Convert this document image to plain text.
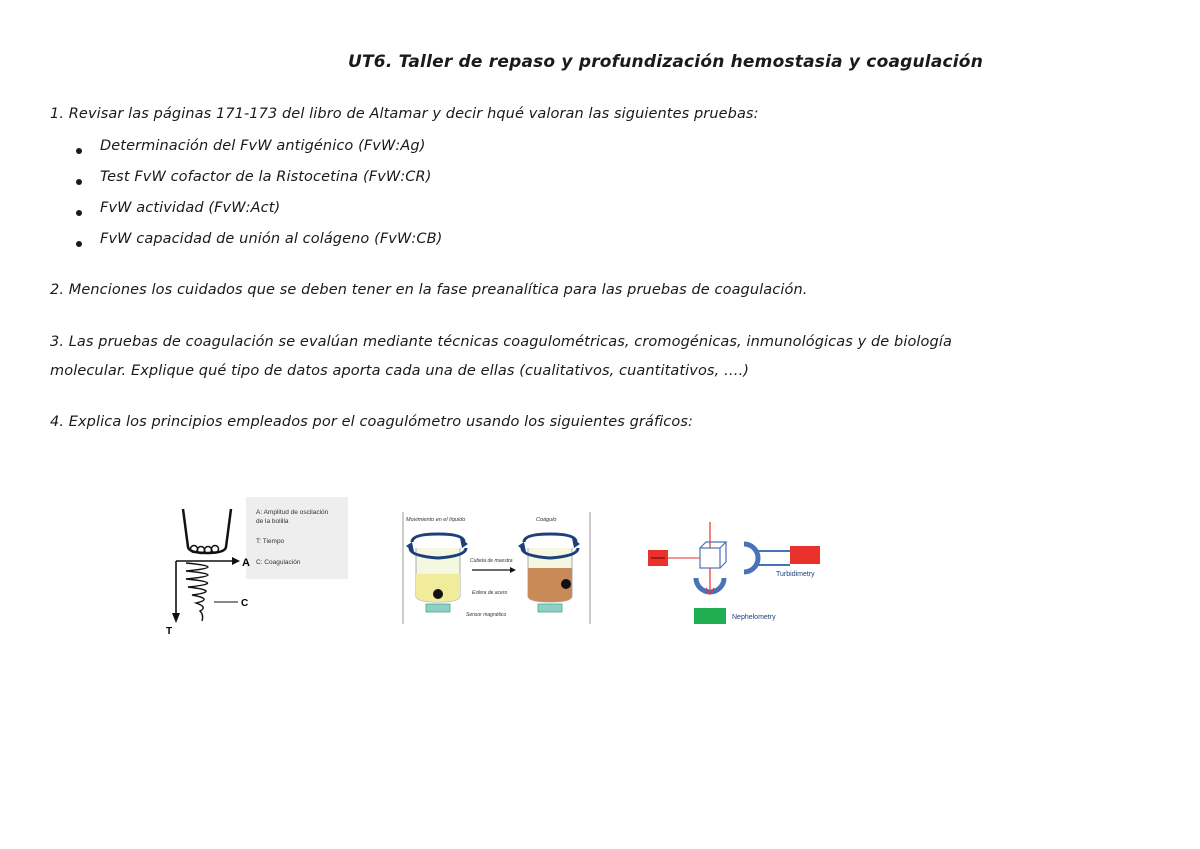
UT6. Taller de repaso y profundización hemostasia y coagulación
1. Revisar las páginas 171-173 del libro de Altamar y decir hqué valoran las siguientes pruebas:
Determinación del FvW antigénico (FvW:Ag)
Test FvW cofactor de la Ristocetina (FvW:CR)
FvW actividad (FvW:Act)
FvW capacidad de unión al colágeno (FvW:CB)
2. Menciones los cuidados que se deben tener en la fase preanalítica para las pruebas de coagulación.
3. Las pruebas de coagulación se evalúan mediante técnicas coagulométricas, cromogénicas, inmunológicas y de biología
molecular. Explique qué tipo de datos aporta cada una de ellas (cualitativos, cuantitativos, ….)
4. Explica los principios empleados por el coagulómetro usando los siguientes gráficos:
A
C
T
A: Amplitud de oscilación
de la bolilla
T: Tiempo
C: Coagulación
Movimiento en el líquido	Coágulo
Cubeta de muestra
Esfera de acero
Sensor magnético
Turbidimetry
Nephelometry
